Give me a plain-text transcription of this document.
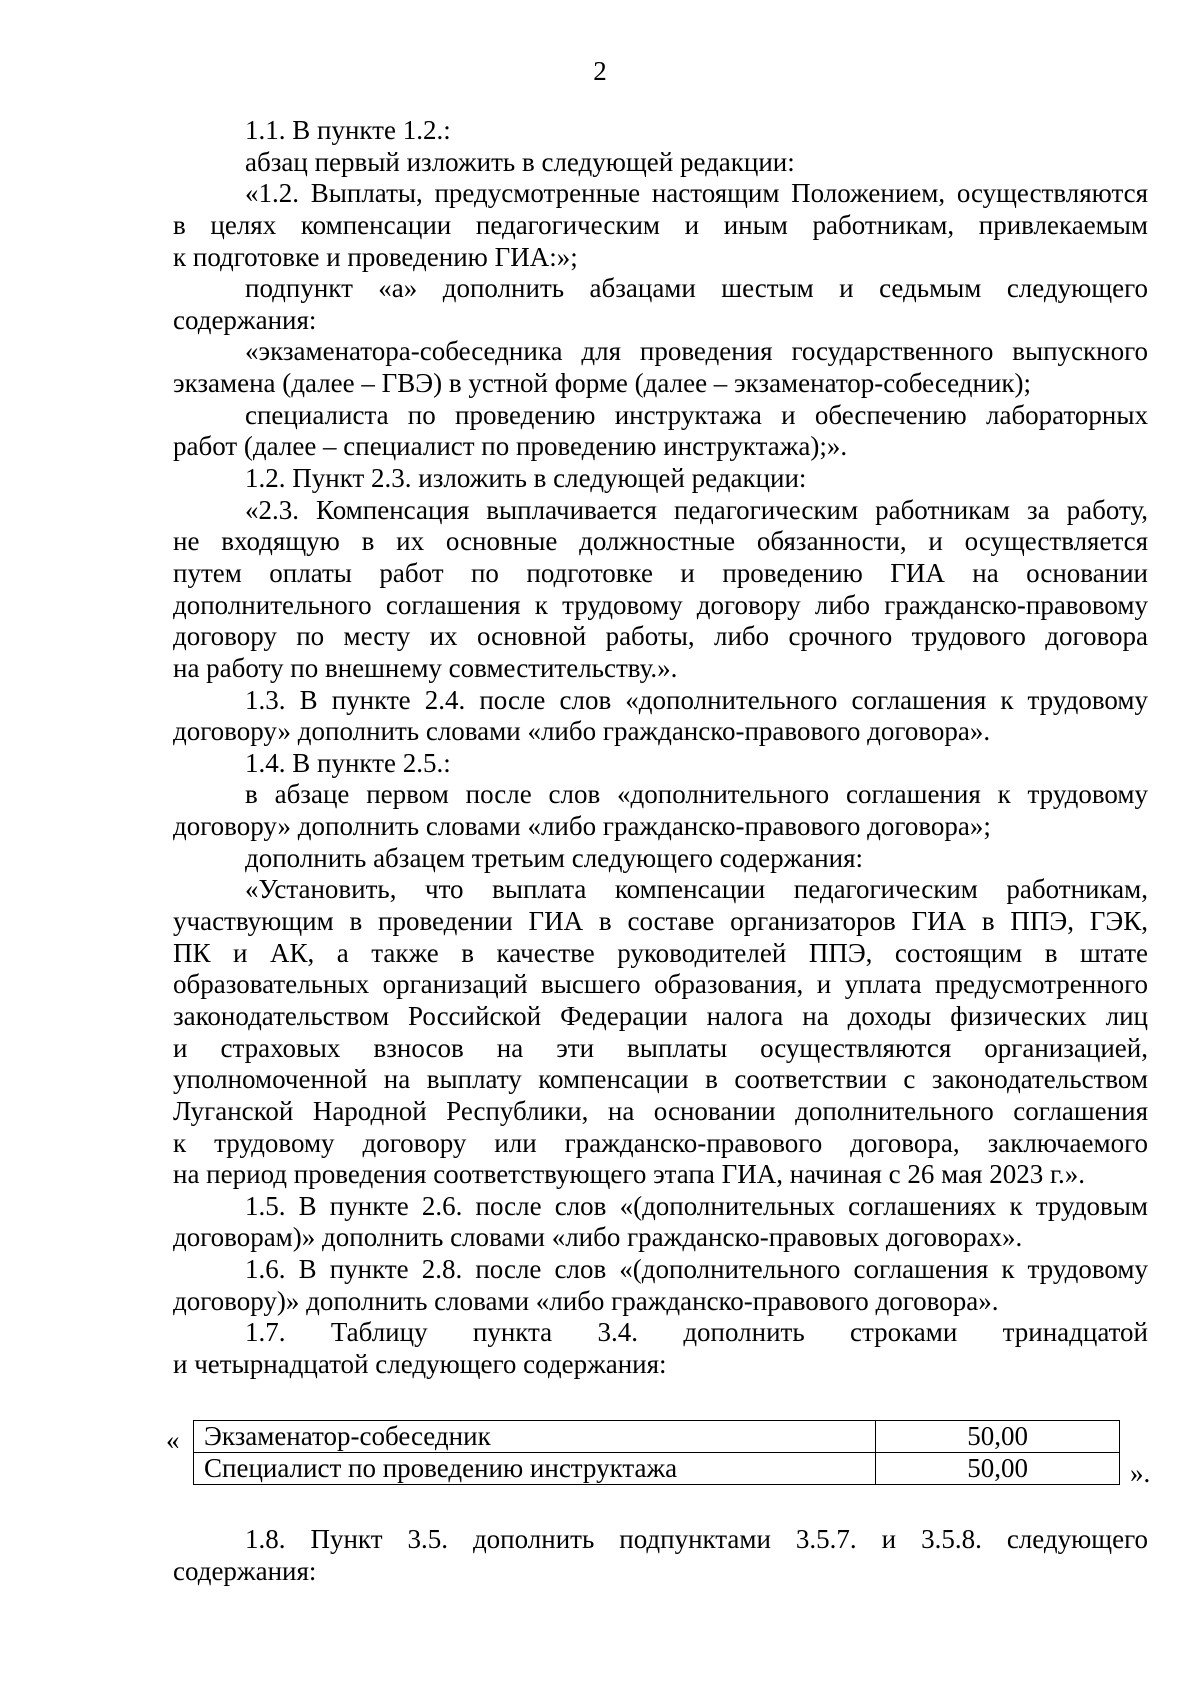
2
1.1. В пункте 1.2.:
абзац первый изложить в следующей редакции:
«1.2. Выплаты, предусмотренные настоящим Положением, осуществляются
в целях компенсации педагогическим и иным работникам, привлекаемым
к подготовке и проведению ГИА:»;
подпункт «а» дополнить абзацами шестым и седьмым следующего
содержания:
«экзаменатора-собеседника для проведения государственного выпускного
экзамена (далее – ГВЭ) в устной форме (далее – экзаменатор-собеседник);
специалиста по проведению инструктажа и обеспечению лабораторных
работ (далее – специалист по проведению инструктажа);».
1.2. Пункт 2.3. изложить в следующей редакции:
«2.3. Компенсация выплачивается педагогическим работникам за работу,
не входящую в их основные должностные обязанности, и осуществляется
путем оплаты работ по подготовке и проведению ГИА на основании
дополнительного соглашения к трудовому договору либо гражданско-правовому
договору по месту их основной работы, либо срочного трудового договора
на работу по внешнему совместительству.».
1.3. В пункте 2.4. после слов «дополнительного соглашения к трудовому
договору» дополнить словами «либо гражданско-правового договора».
1.4. В пункте 2.5.:
в абзаце первом после слов «дополнительного соглашения к трудовому
договору» дополнить словами «либо гражданско-правового договора»;
дополнить абзацем третьим следующего содержания:
«Установить, что выплата компенсации педагогическим работникам,
участвующим в проведении ГИА в составе организаторов ГИА в ППЭ, ГЭК,
ПК и АК, а также в качестве руководителей ППЭ, состоящим в штате
образовательных организаций высшего образования, и уплата предусмотренного
законодательством Российской Федерации налога на доходы физических лиц
и страховых взносов на эти выплаты осуществляются организацией,
уполномоченной на выплату компенсации в соответствии с законодательством
Луганской Народной Республики, на основании дополнительного соглашения
к трудовому договору или гражданско-правового договора, заключаемого
на период проведения соответствующего этапа ГИА, начиная с 26 мая 2023 г.».
1.5. В пункте 2.6. после слов «(дополнительных соглашениях к трудовым
договорам)» дополнить словами «либо гражданско-правовых договорах».
1.6. В пункте 2.8. после слов «(дополнительного соглашения к трудовому
договору)» дополнить словами «либо гражданско-правового договора».
1.7. Таблицу пункта 3.4. дополнить строками тринадцатой
и четырнадцатой следующего содержания:
« Экзаменатор-собеседник	50,00
Специалист по проведению инструктажа	50,00	».
1.8. Пункт 3.5. дополнить подпунктами 3.5.7. и 3.5.8. следующего
содержания:
